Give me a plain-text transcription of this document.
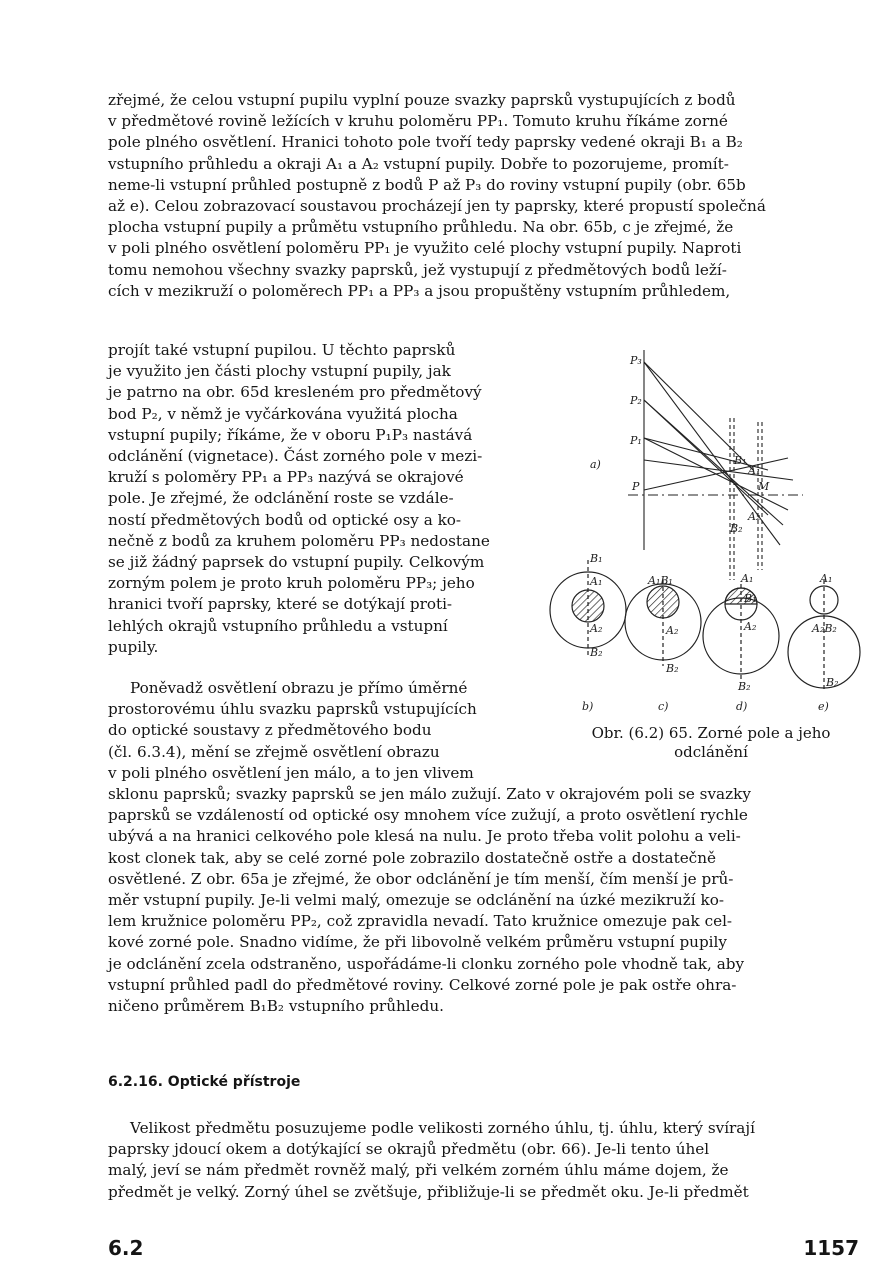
zřejmé, že celou vstupní pupilu vyplní pouze svazky paprsků vystupujících z bodů
v předmětové rovině ležících v kruhu poloměru PP₁. Tomuto kruhu říkáme zorné
pole plného osvětlení. Hranici tohoto pole tvoří tedy paprsky vedené okraji B₁ a B₂
vstupního průhledu a okraji A₁ a A₂ vstupní pupily. Dobře to pozorujeme, promít-
neme-li vstupní průhled postupně z bodů P až P₃ do roviny vstupní pupily (obr. 65b
až e). Celou zobrazovací soustavou procházejí jen ty paprsky, které propustí společná
plocha vstupní pupily a průmětu vstupního průhledu. Na obr. 65b, c je zřejmé, že
v poli plného osvětlení poloměru PP₁ je využito celé plochy vstupní pupily. Naproti
tomu nemohou všechny svazky paprsků, jež vystupují z předmětových bodů leží-
cích v mezikruží o poloměrech PP₁ a PP₃ a jsou propuštěny vstupním průhledem,

projít také vstupní pupilou. U těchto paprsků
je využito jen části plochy vstupní pupily, jak
je patrno na obr. 65d kresleném pro předmětový
bod P₂, v němž je vyčárkována využitá plocha
vstupní pupily; říkáme, že v oboru P₁P₃ nastává
odclánění (vignetace). Část zorného pole v mezi-
kruží s poloměry PP₁ a PP₃ nazývá se okrajové
pole. Je zřejmé, že odclánění roste se vzdále-
ností předmětových bodů od optické osy a ko-
nečně z bodů za kruhem poloměru PP₃ nedostane
se již žádný paprsek do vstupní pupily. Celkovým
zorným polem je proto kruh poloměru PP₃; jeho
hranici tvoří paprsky, které se dotýkají proti-
lehlých okrajů vstupního průhledu a vstupní
pupily.

Poněvadž osvětlení obrazu je přímo úměrné
prostorovému úhlu svazku paprsků vstupujících
do optické soustavy z předmětového bodu
(čl. 6.3.4), mění se zřejmě osvětlení obrazu
v poli plného osvětlení jen málo, a to jen vlivem

sklonu paprsků; svazky paprsků se jen málo zužují. Zato v okrajovém poli se svazky
paprsků se vzdáleností od optické osy mnohem více zužují, a proto osvětlení rychle
ubývá a na hranici celkového pole klesá na nulu. Je proto třeba volit polohu a veli-
kost clonek tak, aby se celé zorné pole zobrazilo dostatečně ostře a dostatečně
osvětlené. Z obr. 65a je zřejmé, že obor odclánění je tím menší, čím menší je prů-
měr vstupní pupily. Je-li velmi malý, omezuje se odclánění na úzké mezikruží ko-
lem kružnice poloměru PP₂, což zpravidla nevadí. Tato kružnice omezuje pak cel-
kové zorné pole. Snadno vidíme, že při libovolně velkém průměru vstupní pupily
je odclánění zcela odstraněno, uspořádáme-li clonku zorného pole vhodně tak, aby
vstupní průhled padl do předmětové roviny. Celkové zorné pole je pak ostře ohra-
ničeno průměrem B₁B₂ vstupního průhledu.

6.2.16. Optické přístroje

Velikost předmětu posuzujeme podle velikosti zorného úhlu, tj. úhlu, který svírají
paprsky jdoucí okem a dotýkající se okrajů předmětu (obr. 66). Je-li tento úhel
malý, jeví se nám předmět rovněž malý, při velkém zorném úhlu máme dojem, že
předmět je velký. Zorný úhel se zvětšuje, přibližuje-li se předmět oku. Je-li předmět

a)
P₃
P₂
P₁
P
B₁
A₁
M
B₂
A₂
B₁
A₁
A₂
B₂
b)
A₁B₁
A₂
B₂
c)
A₁
B₁
A₂
B₂
d)
A₁
A₂B₂
B₂
e)
Obr. (6.2) 65. Zorné pole a jeho
odclánění
6.2	1157
